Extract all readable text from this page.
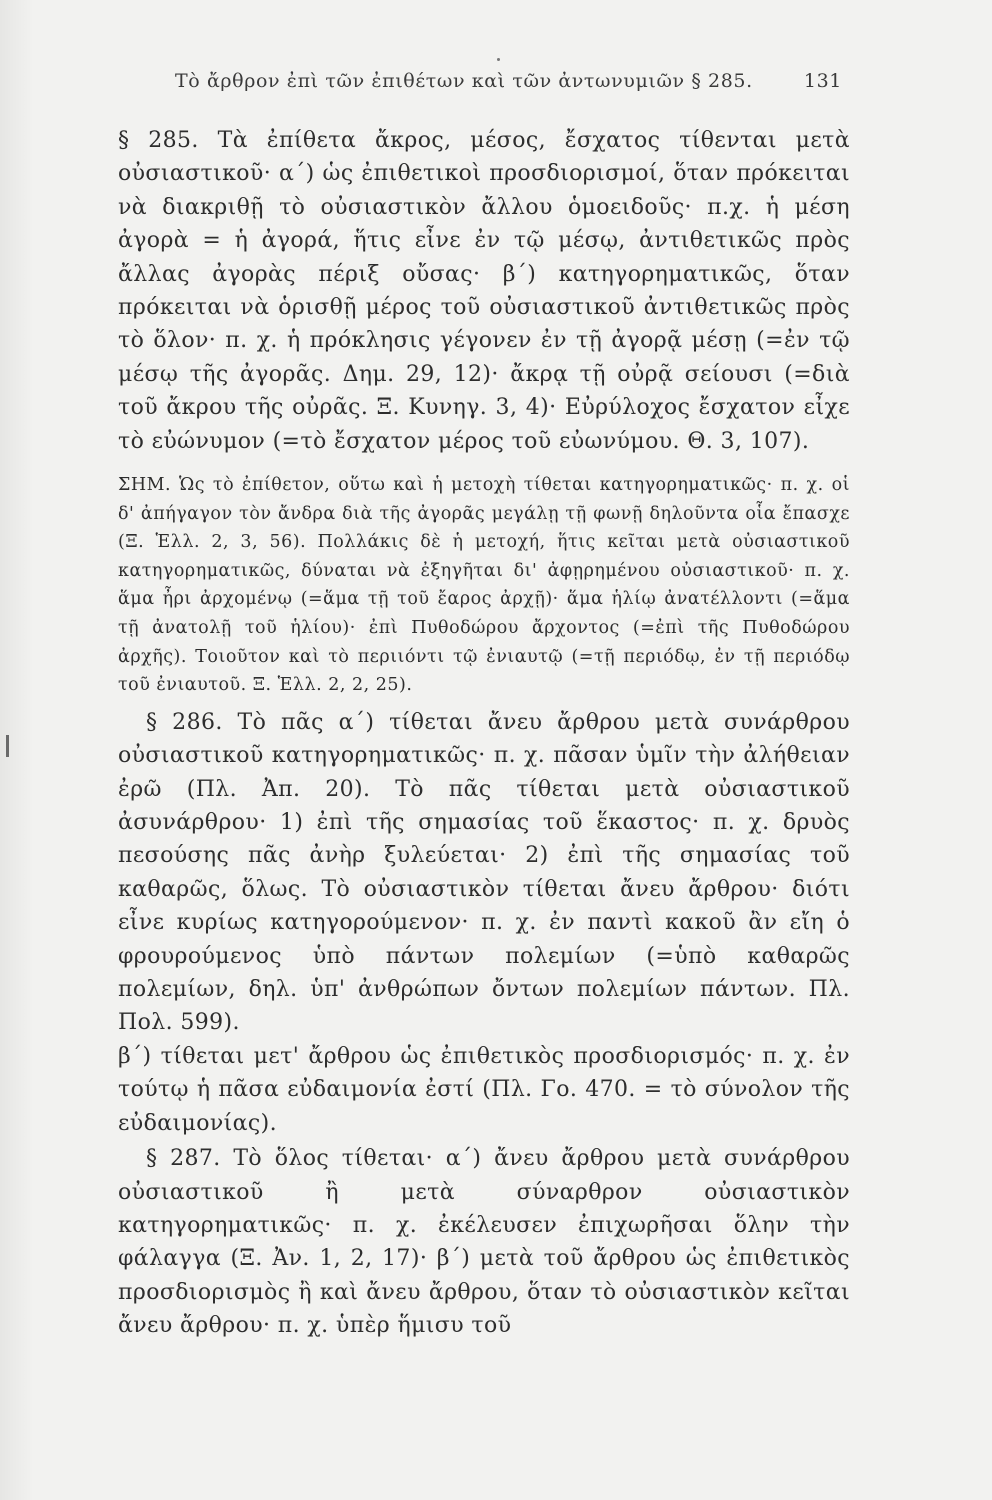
Τὸ ἄρθρον ἐπὶ τῶν ἐπιθέτων καὶ τῶν ἀντωνυμιῶν § 285.	131

§ 285. Τὰ ἐπίθετα ἄκρος, μέσος, ἔσχατος τίθενται μετὰ οὐσιαστικοῦ· α΄) ὡς ἐπιθετικοὶ προσδιορισμοί, ὅταν πρόκειται νὰ διακριθῇ τὸ οὐσιαστικὸν ἄλλου ὁμοειδοῦς· π.χ. ἡ μέση ἀγορὰ = ἡ ἀγορά, ἥτις εἶνε ἐν τῷ μέσῳ, ἀντιθετικῶς πρὸς ἄλλας ἀγορὰς πέριξ οὔσας· β΄) κατηγορηματικῶς, ὅταν πρόκειται νὰ ὁρισθῇ μέρος τοῦ οὐσιαστικοῦ ἀντιθετικῶς πρὸς τὸ ὅλον· π. χ. ἡ πρόκλησις γέγονεν ἐν τῇ ἀγορᾷ μέσῃ (=ἐν τῷ μέσῳ τῆς ἀγορᾶς. Δημ. 29, 12)· ἄκρᾳ τῇ οὐρᾷ σείουσι (=διὰ τοῦ ἄκρου τῆς οὐρᾶς. Ξ. Κυνηγ. 3, 4)· Εὐρύλοχος ἔσχατον εἶχε τὸ εὐώνυμον (=τὸ ἔσχατον μέρος τοῦ εὐωνύμου. Θ. 3, 107).

ΣΗΜ. Ὡς τὸ ἐπίθετον, οὕτω καὶ ἡ μετοχὴ τίθεται κατηγορηματικῶς· π. χ. οἱ δ' ἀπήγαγον τὸν ἄνδρα διὰ τῆς ἀγορᾶς μεγάλῃ τῇ φωνῇ δηλοῦντα οἷα ἔπασχε (Ξ. Ἑλλ. 2, 3, 56). Πολλάκις δὲ ἡ μετοχή, ἥτις κεῖται μετὰ οὐσιαστικοῦ κατηγορηματικῶς, δύναται νὰ ἐξηγῆται δι' ἀφῃρημένου οὐσιαστικοῦ· π. χ. ἅμα ἦρι ἀρχομένῳ (=ἅμα τῇ τοῦ ἔαρος ἀρχῇ)· ἅμα ἡλίῳ ἀνατέλλοντι (=ἅμα τῇ ἀνατολῇ τοῦ ἡλίου)· ἐπὶ Πυθοδώρου ἄρχοντος (=ἐπὶ τῆς Πυθοδώρου ἀρχῆς). Τοιοῦτον καὶ τὸ περιιόντι τῷ ἐνιαυτῷ (=τῇ περιόδῳ, ἐν τῇ περιόδῳ τοῦ ἐνιαυτοῦ. Ξ. Ἑλλ. 2, 2, 25).

§ 286. Τὸ πᾶς α΄) τίθεται ἄνευ ἄρθρου μετὰ συνάρθρου οὐσιαστικοῦ κατηγορηματικῶς· π. χ. πᾶσαν ὑμῖν τὴν ἀλήθειαν ἐρῶ (Πλ. Ἀπ. 20). Τὸ πᾶς τίθεται μετὰ οὐσιαστικοῦ ἀσυνάρθρου· 1) ἐπὶ τῆς σημασίας τοῦ ἕκαστος· π. χ. δρυὸς πεσούσης πᾶς ἀνὴρ ξυλεύεται· 2) ἐπὶ τῆς σημασίας τοῦ καθαρῶς, ὅλως. Τὸ οὐσιαστικὸν τίθεται ἄνευ ἄρθρου· διότι εἶνε κυρίως κατηγορούμενον· π. χ. ἐν παντὶ κακοῦ ἂν εἴη ὁ φρουρούμενος ὑπὸ πάντων πολεμίων (=ὑπὸ καθαρῶς πολεμίων, δηλ. ὑπ' ἀνθρώπων ὄντων πολεμίων πάντων. Πλ. Πολ. 599).

β΄) τίθεται μετ' ἄρθρου ὡς ἐπιθετικὸς προσδιορισμός· π. χ. ἐν τούτῳ ἡ πᾶσα εὐδαιμονία ἐστί (Πλ. Γο. 470. = τὸ σύνολον τῆς εὐδαιμονίας).

§ 287. Τὸ ὅλος τίθεται· α΄) ἄνευ ἄρθρου μετὰ συνάρθρου οὐσιαστικοῦ ἢ μετὰ σύναρθρον οὐσιαστικὸν κατηγορηματικῶς· π. χ. ἐκέλευσεν ἐπιχωρῆσαι ὅλην τὴν φάλαγγα (Ξ. Ἀν. 1, 2, 17)· β΄) μετὰ τοῦ ἄρθρου ὡς ἐπιθετικὸς προσδιορισμὸς ἢ καὶ ἄνευ ἄρθρου, ὅταν τὸ οὐσιαστικὸν κεῖται ἄνευ ἄρθρου· π. χ. ὑπὲρ ἥμισυ τοῦ
